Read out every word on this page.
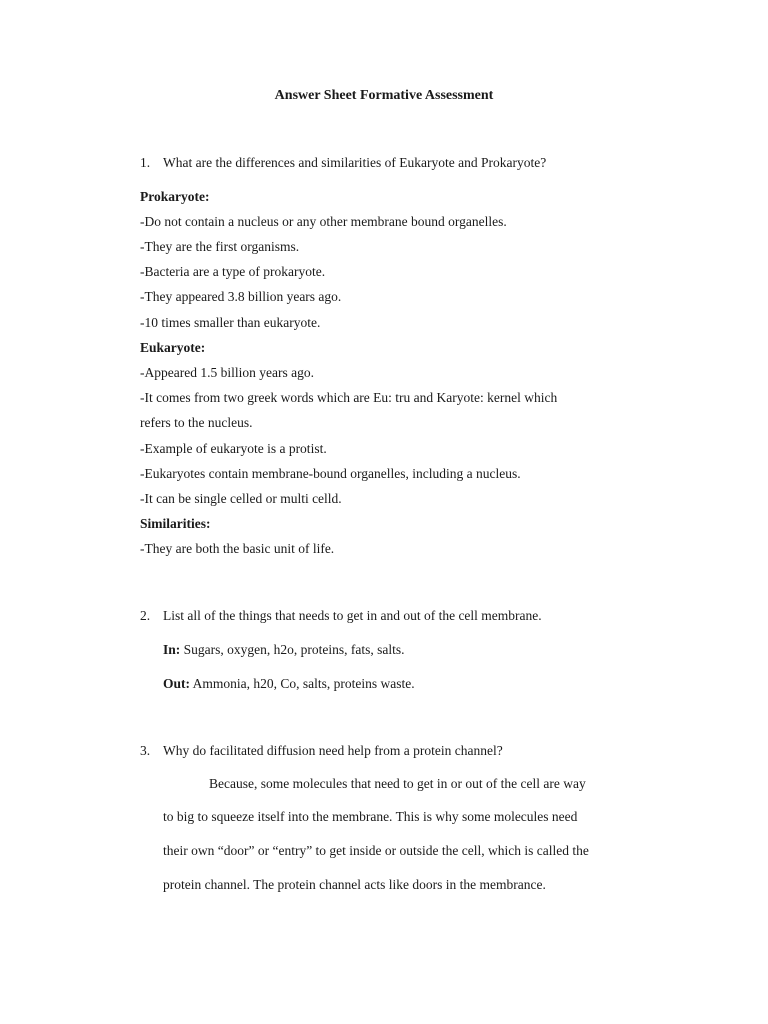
Answer Sheet Formative Assessment
1. What are the differences and similarities of Eukaryote and Prokaryote?
Prokaryote:
-Do not contain a nucleus or any other membrane bound organelles.
-They are the first organisms.
-Bacteria are a type of prokaryote.
-They appeared 3.8 billion years ago.
-10 times smaller than eukaryote.
Eukaryote:
-Appeared 1.5 billion years ago.
-It comes from two greek words which are Eu: tru and Karyote: kernel which
refers to the nucleus.
-Example of eukaryote is a protist.
-Eukaryotes contain membrane-bound organelles, including a nucleus.
-It can be single celled or multi celld.
Similarities:
-They are both the basic unit of life.
2. List all of the things that needs to get in and out of the cell membrane.
In: Sugars, oxygen, h2o, proteins, fats, salts.
Out: Ammonia, h20, Co, salts, proteins waste.
3. Why do facilitated diffusion need help from a protein channel?
Because, some molecules that need to get in or out of the cell are way
to big to squeeze itself into the membrane. This is why some molecules need
their own “door” or “entry” to get inside or outside the cell, which is called the
protein channel. The protein channel acts like doors in the membrance.
